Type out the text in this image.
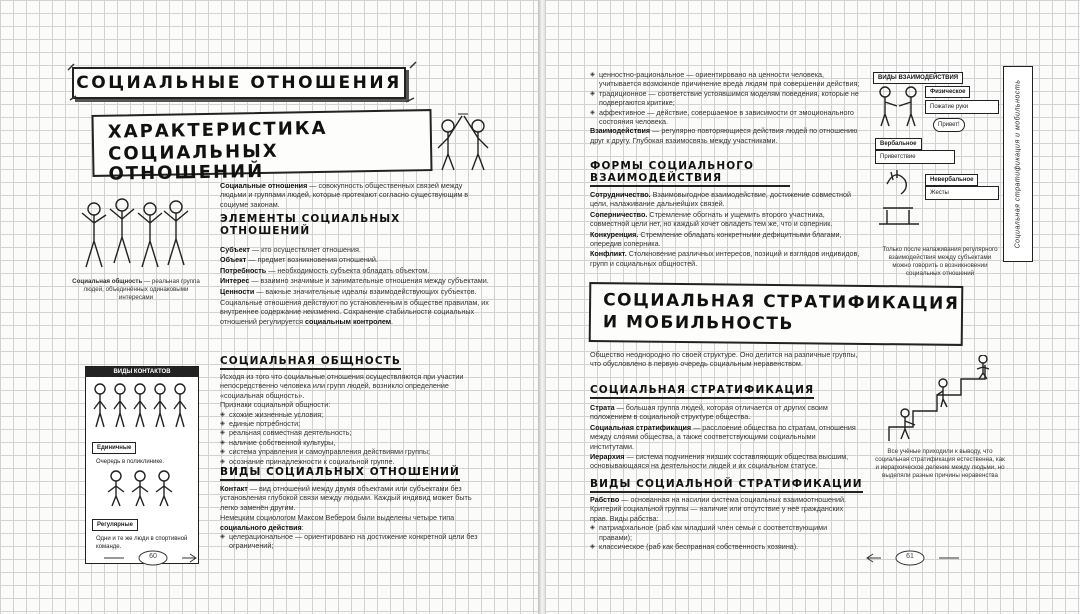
СОЦИАЛЬНЫЕ ОТНОШЕНИЯ
ХАРАКТЕРИСТИКА
СОЦИАЛЬНЫХ ОТНОШЕНИЙ
Социальные отношения — совокупность общественных связей между людьми и группами людей, которые протекают согласно существующим в социуме законам.
ЭЛЕМЕНТЫ СОЦИАЛЬНЫХ ОТНОШЕНИЙ
Субъект — кто осуществляет отношения.
Объект — предмет возникновения отношений.
Потребность — необходимость субъекта обладать объектом.
Интерес — взаимно значимые и занимательные отношения между субъектами.
Ценности — важные значительные идеалы взаимодействующих субъектов.
Социальные отношения действуют по установленным в обществе правилам, их внутреннее содержание неизменно. Сохранение стабильности социальных отношений регулируется социальным контролем.
Социальная общность — реальная группа людей, объединённых одинаковыми интересами
СОЦИАЛЬНАЯ ОБЩНОСТЬ
Исходя из того что социальные отношения осуществляются при участии непосредственно человека или групп людей, возникло определение «социальная общность».
Признаки социальной общности:
◈ схожие жизненные условия;
◈ единые потребности;
◈ реальная совместная деятельность;
◈ наличие собственной культуры,
◈ система управления и самоуправления действиями группы;
◈ осознание принадлежности к социальной группе.
ВИДЫ КОНТАКТОВ
Единичные
Очередь в поликлинике.
Регулярные
Одни и те же люди в спортивной команде.
ВИДЫ СОЦИАЛЬНЫХ ОТНОШЕНИЙ
Контакт — вид отношений между двумя объектами или субъектами без установления глубокой связи между людьми. Каждый индивид может быть легко заменён другим.
Немецким социологом Максом Вебером были выделены четыре типа социального действия:
◈ целерациональное — ориентировано на достижение конкретной цели без ограничений;
60
◈ ценностно-рациональное — ориентировано на ценности человека, учитывается возможное причинение вреда людям при совершении действия;
◈ традиционное — соответствие устоявшимся моделям поведения, которые не подвергаются критике;
◈ аффективное — действие, совершаемое в зависимости от эмоционального состояния человека.
Взаимодействия — регулярно повторяющиеся действия людей по отношению друг к другу. Глубокая взаимосвязь между участниками.
ФОРМЫ СОЦИАЛЬНОГО ВЗАИМОДЕЙСТВИЯ
Сотрудничество. Взаимовыгодное взаимодействие, достижение совместной цели, налаживание дальнейших связей.
Соперничество. Стремление обогнать и ущемить второго участника, совместной цели нет, но каждый хочет овладеть тем же, что и соперник.
Конкуренция. Стремление обладать конкретными дефицитными благами, опередив соперника.
Конфликт. Столкновение различных интересов, позиций и взглядов индивидов, групп и социальных общностей.
ВИДЫ ВЗАИМОДЕЙСТВИЯ
Физическое
Пожатие руки
Привет!
Вербальное
Приветствие
Невербальное
Жесты
Только после налаживания регулярного взаимодействия между субъектами можно говорить о возникновении социальных отношений
Социальная стратификация и мобильность
СОЦИАЛЬНАЯ СТРАТИФИКАЦИЯ
И МОБИЛЬНОСТЬ
Общество неоднородно по своей структуре. Оно делится на различные группы, что обусловлено в первую очередь социальным неравенством.
СОЦИАЛЬНАЯ СТРАТИФИКАЦИЯ
Страта — большая группа людей, которая отличается от других своим положением в социальной структуре общества.
Социальная стратификация — расслоение общества по стратам, отношения между слоями общества, а также соответствующими социальными институтами.
Иерархия — система подчинения низших составляющих общества высшим, основывающаяся на деятельности людей и их социальном статусе.
Все учёные приходили к выводу, что социальная стратификация естественна, как и иерархическое деление между людьми, но выделяли разные причины неравенства
ВИДЫ СОЦИАЛЬНОЙ СТРАТИФИКАЦИИ
Рабство — основанная на насилии система социальных взаимоотношений. Критерий социальной группы — наличие или отсутствие у неё гражданских прав. Виды рабства:
◈ патриархальное (раб как младший член семьи с соответствующими правами);
◈ классическое (раб как бесправная собственность хозяина).
61
